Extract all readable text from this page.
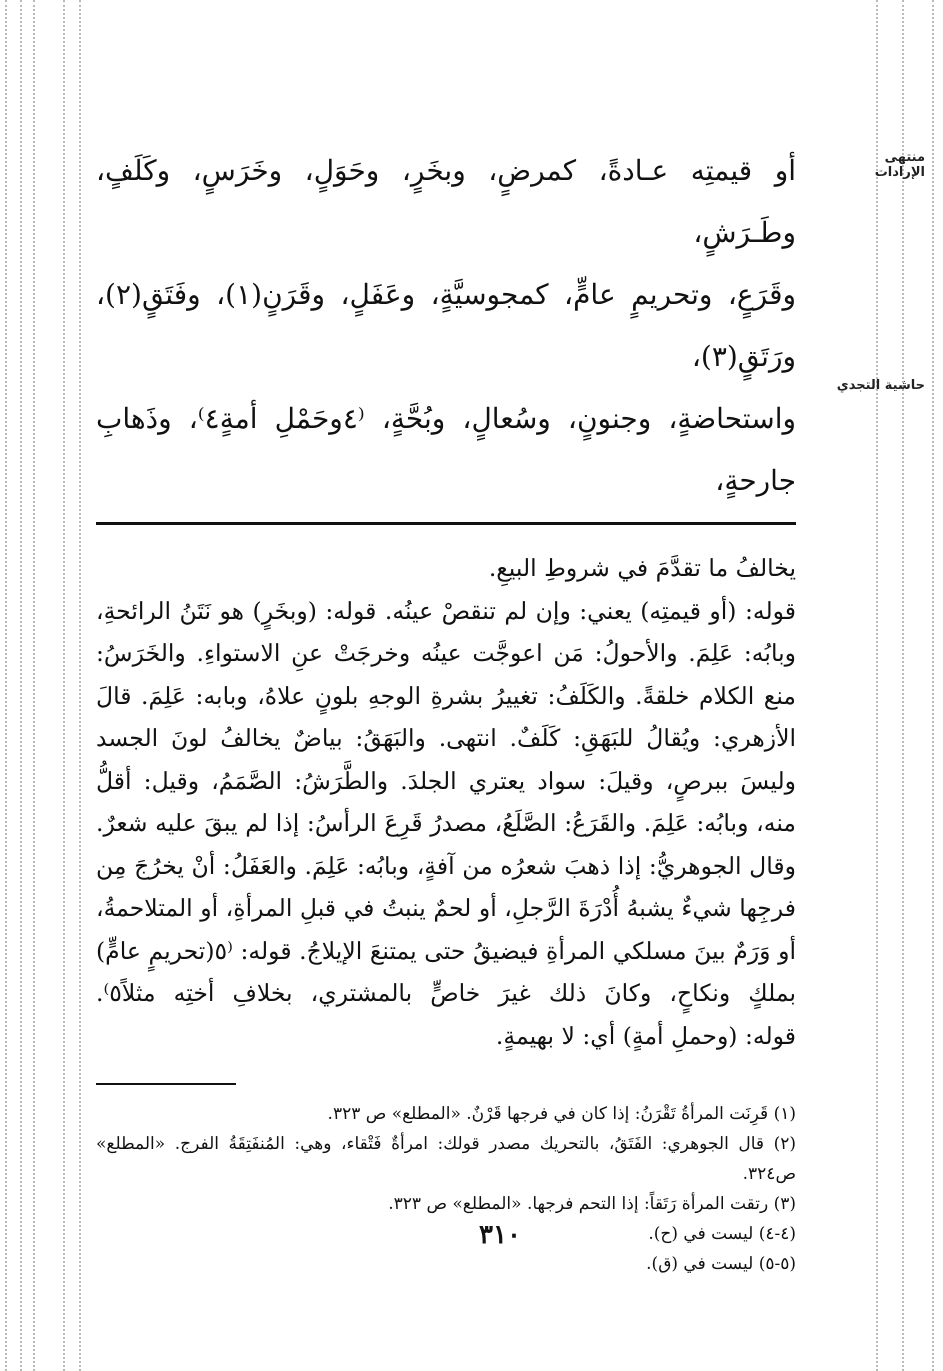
منتهى الإرادات
حاشية التجدي

أو قيمتِه عـادةً، كمرضٍ، وبخَرٍ، وحَوَلٍ، وخَرَسٍ، وكَلَفٍ، وطَـرَشٍ،

وقَرَعٍ، وتحريمٍ عامٍّ، كمجوسيَّةٍ، وعَفَلٍ، وقَرَنٍ(١)، وفَتَقٍ(٢)، ورَتَقٍ(٣)،

واستحاضةٍ، وجنونٍ، وسُعالٍ، وبُحَّةٍ، ⁽٤وحَمْلِ أمةٍ٤⁾، وذَهابِ جارحةٍ،

يخالفُ ما تقدَّمَ في شروطِ البيعِ.

قوله: (أو قيمتِه) يعني: وإن لم تنقصْ عينُه. قوله: (وبخَرٍ) هو نَتَنُ الرائحةِ، وبابُه: عَلِمَ. والأحولُ: مَن اعوجَّت عينُه وخرجَتْ عنِ الاستواءِ. والخَرَسُ: منع الكلام خلقةً. والكَلَفُ: تغييرُ بشرةِ الوجهِ بلونٍ علاهُ، وبابه: عَلِمَ. قالَ الأزهري: ويُقالُ للبَهَقِ: كَلَفٌ. انتهى. والبَهَقُ: بياضٌ يخالفُ لونَ الجسد وليسَ ببرصٍ، وقيلَ: سواد يعتري الجلدَ. والطَّرَشُ: الصَّمَمُ، وقيل: أقلُّ منه، وبابُه: عَلِمَ. والقَرَعُ: الصَّلَعُ، مصدرُ قَرِعَ الرأسُ: إذا لم يبقَ عليه شعرٌ. وقال الجوهريُّ: إذا ذهبَ شعرُه من آفةٍ، وبابُه: عَلِمَ. والعَفَلُ: أنْ يخرُجَ مِن فرجِها شيءٌ يشبهُ أُدْرَةَ الرَّجلِ، أو لحمٌ ينبتُ في قبلِ المرأةِ، أو المتلاحمةُ، أو وَرَمٌ بينَ مسلكي المرأةِ فيضيقُ حتى يمتنعَ الإيلاجُ. قوله: ⁽٥(تحريمٍ عامٍّ) بملكٍ ونكاحٍ، وكانَ ذلك غيرَ خاصٍّ بالمشتري، بخلافِ أختِه مثلاً٥⁾.

قوله: (وحملِ أمةٍ) أي: لا بهيمةٍ.

(١) قَرِنَت المرأةُ تَقْرَنُ: إذا كان في فرجها قَرْنٌ. «المطلع» ص ٣٢٣.

(٢) قال الجوهري: الفَتَقُ، بالتحريك مصدر قولك: امرأةٌ فَتْقاء، وهي: المُنفَتِقَةُ الفرج. «المطلع»

ص٣٢٤.

(٣) رتقت المرأة رَتَقاً: إذا التحم فرجها. «المطلع» ص ٣٢٣.

(٤-٤) ليست في (ح).

(٥-٥) ليست في (ق).

٣١٠
